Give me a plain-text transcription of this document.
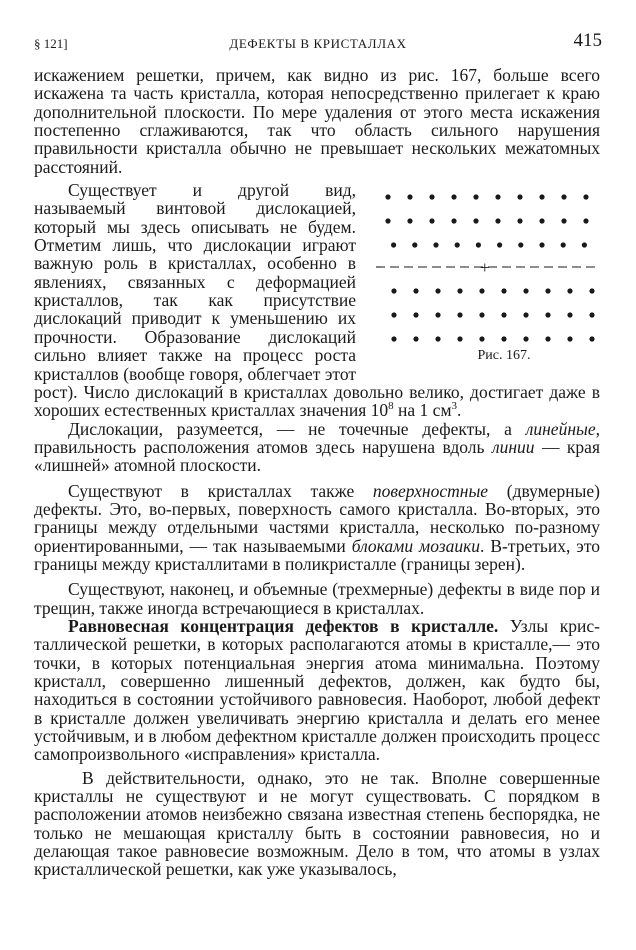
§ 121]	ДЕФЕКТЫ В КРИСТАЛЛАХ	415

искажением решетки, причем, как видно из рис. 167, больше всего искажена та часть кристалла, которая непосредственно прилегает к краю дополнительной плоскости. По мере удаления от этого места искажения постепенно сглаживаются, так что область сильного нарушения правильности кристалла обычно не превышает нескольких межатомных расстояний.

+
Рис. 167.
Существует и другой вид, называемый винтовой дислокацией, который мы здесь описывать не будем. Отметим лишь, что дислокации играют важную роль в кристаллах, особенно в явлениях, связанных с деформацией кристаллов, так как присутствие дислокаций приводит к уменьшению их прочности. Образование дислокаций сильно влияет также на процесс роста кристаллов (вообще говоря, облегчает этот рост). Число дислокаций в кристаллах довольно велико, достигает даже в хороших естественных кристаллах значения $10^8$ на 1 $см^3$.

Дислокации, разумеется, — не точечные дефекты, а линейные, правильность расположения атомов здесь нарушена вдоль линии — края «лишней» атомной плоскости.

Существуют в кристаллах также поверхностные (двумерные) дефекты. Это, во-первых, поверхность самого кристалла. Во-вторых, это границы между отдельными частями кристалла, несколько по-разному ориентированными, — так называемыми блоками мозаики. В-третьих, это границы между кристаллитами в поликристалле (границы зерен).

Существуют, наконец, и объемные (трехмерные) дефекты в виде пор и трещин, также иногда встречающиеся в кристаллах.

Равновесная концентрация дефектов в кристалле. Узлы кристаллической решетки, в которых располагаются атомы в кристалле,— это точки, в которых потенциальная энергия атома минимальна. Поэтому кристалл, совершенно лишенный дефектов, должен, как будто бы, находиться в состоянии устойчивого равновесия. Наоборот, любой дефект в кристалле должен увеличивать энергию кристалла и делать его менее устойчивым, и в любом дефектном кристалле должен происходить процесс самопроизвольного «исправления» кристалла.

В действительности, однако, это не так. Вполне совершенные кристаллы не существуют и не могут существовать. С порядком в расположении атомов неизбежно связана известная степень беспорядка, не только не мешающая кристаллу быть в состоянии равновесия, но и делающая такое равновесие возможным. Дело в том, что атомы в узлах кристаллической решетки, как уже указывалось,
